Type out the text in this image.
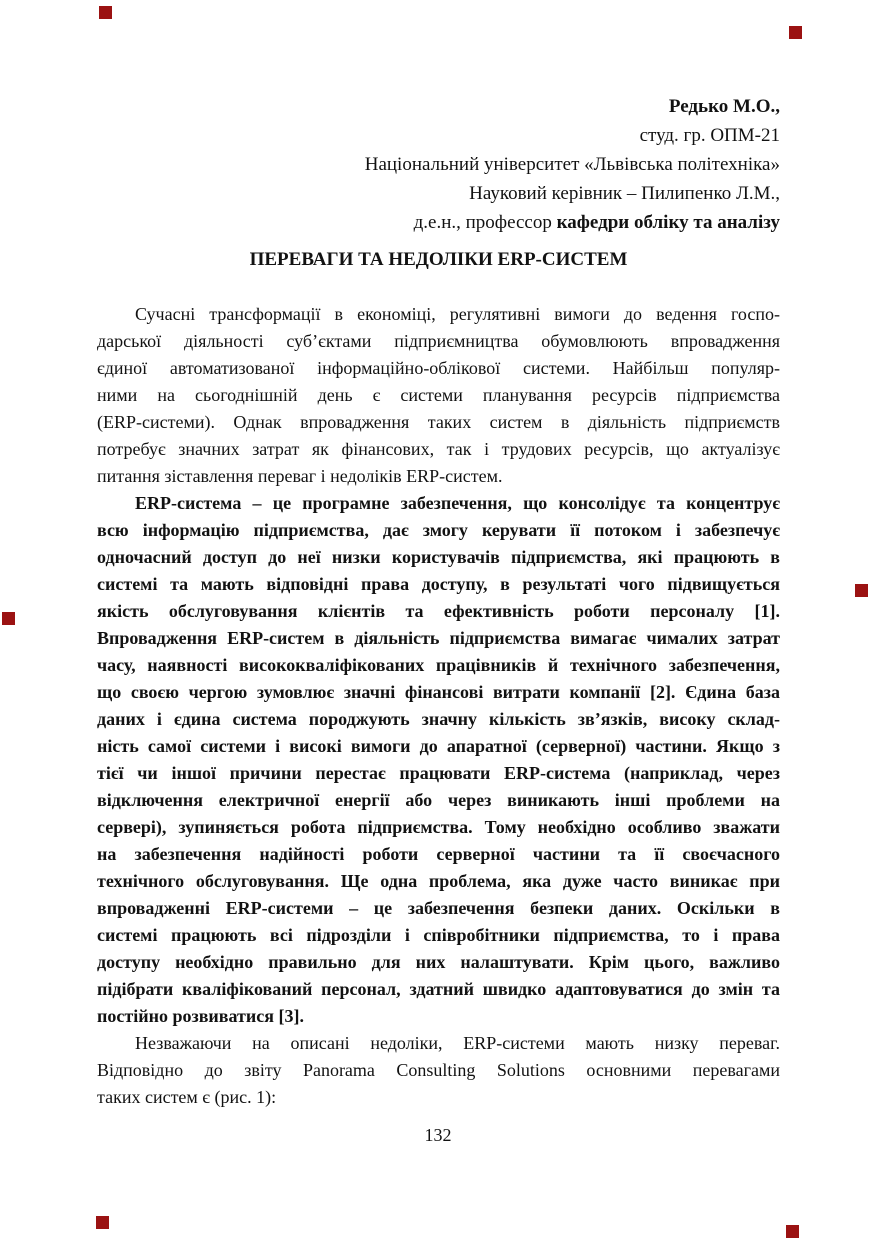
Редько М.О.,
студ. гр. ОПМ-21
Національний університет «Львівська політехніка»
Науковий керівник – Пилипенко Л.М.,
д.е.н., профессор кафедри обліку та аналізу
ПЕРЕВАГИ ТА НЕДОЛІКИ ERP-СИСТЕМ
Сучасні трансформації в економіці, регулятивні вимоги до ведення госпо-
дарської діяльності суб’єктами підприємництва обумовлюють впровадження
єдиної автоматизованої інформаційно-облікової системи. Найбільш популяр-
ними на сьогоднішній день є системи планування ресурсів підприємства
(ERP-системи). Однак впровадження таких систем в діяльність підприємств
потребує значних затрат як фінансових, так і трудових ресурсів, що актуалізує
питання зіставлення переваг і недоліків ERP-систем.
ERP-система – це програмне забезпечення, що консолідує та концентрує
всю інформацію підприємства, дає змогу керувати її потоком і забезпечує
одночасний доступ до неї низки користувачів підприємства, які працюють в
системі та мають відповідні права доступу, в результаті чого підвищується
якість обслуговування клієнтів та ефективність роботи персоналу [1].
Впровадження ERP-систем в діяльність підприємства вимагає чималих затрат
часу, наявності висококваліфікованих працівників й технічного забезпечення,
що своєю чергою зумовлює значні фінансові витрати компанії [2]. Єдина база
даних і єдина система породжують значну кількість зв’язків, високу склад-
ність самої системи і високі вимоги до апаратної (серверної) частини. Якщо з
тієї чи іншої причини перестає працювати ERP-система (наприклад, через
відключення електричної енергії або через виникають інші проблеми на
сервері), зупиняється робота підприємства. Тому необхідно особливо зважати
на забезпечення надійності роботи серверної частини та її своєчасного
технічного обслуговування. Ще одна проблема, яка дуже часто виникає при
впровадженні ERP-системи – це забезпечення безпеки даних. Оскільки в
системі працюють всі підрозділи і співробітники підприємства, то і права
доступу необхідно правильно для них налаштувати. Крім цього, важливо
підібрати кваліфікований персонал, здатний швидко адаптовуватися до змін та
постійно розвиватися [3].
Незважаючи на описані недоліки, ERP-системи мають низку переваг.
Відповідно до звіту Panorama Consulting Solutions основними перевагами
таких систем є (рис. 1):
132
